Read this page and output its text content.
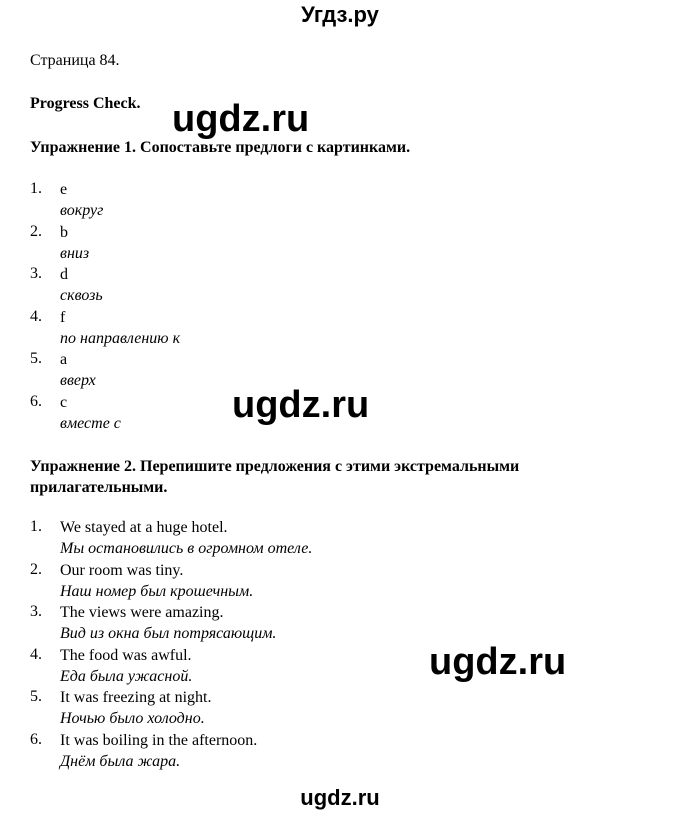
Угдз.ру
Страница 84.
Progress Check. ugdz.ru
Упражнение 1. Сопоставьте предлоги с картинками.
1. e
вокруг
2. b
вниз
3. d
сквозь
4. f
по направлению к
5. a
вверх
6. c
вместе с	ugdz.ru
Упражнение 2. Перепишите предложения с этими экстремальными прилагательными.
1. We stayed at a huge hotel.
Мы остановились в огромном отеле.
2. Our room was tiny.
Наш номер был крошечным.
3. The views were amazing.
Вид из окна был потрясающим.
4. The food was awful.
Еда была ужасной.
5. It was freezing at night.
Ночью было холодно.
6. It was boiling in the afternoon.
Днём была жара.
ugdz.ru
ugdz.ru
